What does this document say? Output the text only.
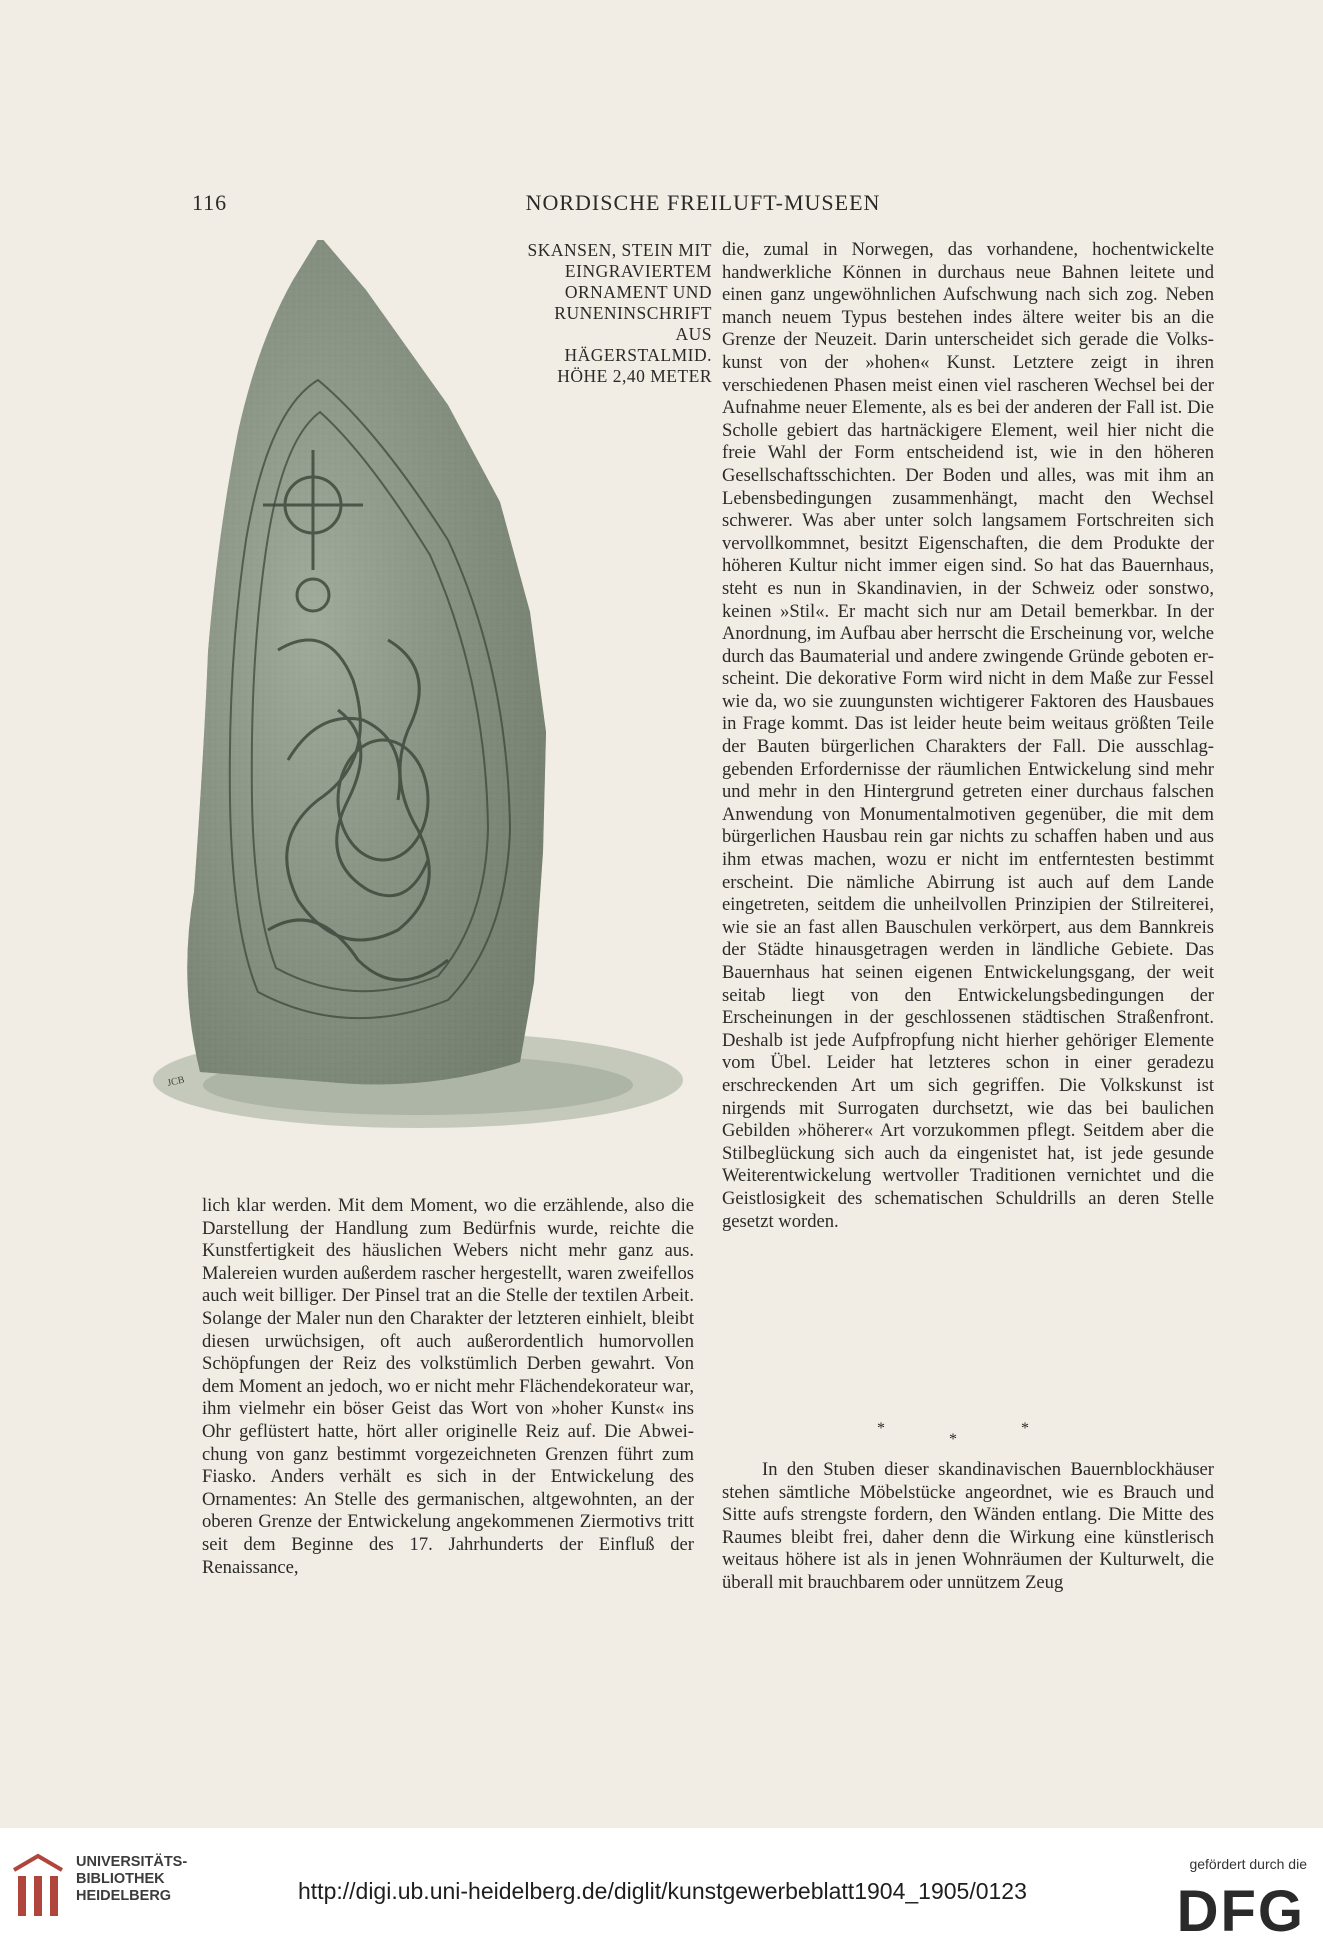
116	NORDISCHE FREILUFT-MUSEEN
JCB
SKANSEN, STEIN MIT
EINGRAVIERTEM
ORNAMENT UND
RUNENINSCHRIFT
AUS
HÄGERSTALMID.
HÖHE 2,40 METER

die, zumal in Norwegen, das vorhandene, hochentwickelte handwerkliche Können in durchaus neue Bahnen leitete und einen ganz ungewöhnlichen Aufschwung nach sich zog. Neben manch neuem Typus bestehen indes ältere weiter bis an die Grenze der Neuzeit. Darin unterscheidet sich gerade die Volkskunst von der »hohen« Kunst. Letztere zeigt in ihren verschiedenen Phasen meist einen viel rascheren Wechsel bei der Aufnahme neuer Elemente, als es bei der anderen der Fall ist. Die Scholle gebiert das hartnäckigere Element, weil hier nicht die freie Wahl der Form entscheidend ist, wie in den höheren Gesellschaftsschichten. Der Boden und alles, was mit ihm an Lebensbedingungen zusammenhängt, macht den Wechsel schwerer. Was aber unter solch langsamem Fortschreiten sich vervollkommnet, besitzt Eigenschaften, die dem Produkte der höheren Kultur nicht immer eigen sind. So hat das Bauernhaus, steht es nun in Skandinavien, in der Schweiz oder sonstwo, keinen »Stil«. Er macht sich nur am Detail bemerkbar. In der Anordnung, im Aufbau aber herrscht die Erscheinung vor, welche durch das Baumaterial und andere zwingende Gründe geboten erscheint. Die dekorative Form wird nicht in dem Maße zur Fessel wie da, wo sie zuungunsten wichtigerer Faktoren des Hausbaues in Frage kommt. Das ist leider heute beim weitaus größten Teile der Bauten bürgerlichen Charakters der Fall. Die ausschlaggebenden Erfordernisse der räumlichen Entwickelung sind mehr und mehr in den Hintergrund getreten einer durchaus falschen Anwendung von Monumentalmotiven gegenüber, die mit dem bürgerlichen Hausbau rein gar nichts zu schaffen haben und aus ihm etwas machen, wozu er nicht im entferntesten bestimmt erscheint. Die nämliche Abirrung ist auch auf dem Lande eingetreten, seitdem die unheilvollen Prinzipien der Stilreiterei, wie sie an fast allen Bauschulen verkörpert, aus dem Bannkreis der Städte hinausgetragen werden in ländliche Gebiete. Das Bauernhaus hat seinen eigenen Entwickelungsgang, der weit seitab liegt von den Entwickelungsbedingungen der Erscheinungen in der geschlossenen städtischen Straßenfront. Deshalb ist jede Aufpfropfung nicht hierher gehöriger Elemente vom Übel. Leider hat letzteres schon in einer geradezu erschreckenden Art um sich gegriffen. Die Volkskunst ist nirgends mit Surrogaten durchsetzt, wie das bei baulichen Gebilden »höherer« Art vorzukommen pflegt. Seitdem aber die Stilbeglückung sich auch da eingenistet hat, ist jede gesunde Weiterentwickelung wertvoller Traditionen vernichtet und die Geistlosigkeit des schematischen Schuldrills an deren Stelle gesetzt worden.

* * *

In den Stuben dieser skandinavischen Bauernblockhäuser stehen sämtliche Möbelstücke angeordnet, wie es Brauch und Sitte aufs strengste fordern, den Wänden entlang. Die Mitte des Raumes bleibt frei, daher denn die Wirkung eine künstlerisch weitaus höhere ist als in jenen Wohnräumen der Kulturwelt, die überall mit brauchbarem oder unnützem Zeug

lich klar werden. Mit dem Moment, wo die erzählende, also die Darstellung der Handlung zum Bedürfnis wurde, reichte die Kunstfertigkeit des häuslichen Webers nicht mehr ganz aus. Malereien wurden außerdem rascher hergestellt, waren zweifellos auch weit billiger. Der Pinsel trat an die Stelle der textilen Arbeit. Solange der Maler nun den Charakter der letzteren einhielt, bleibt diesen urwüchsigen, oft auch außerordentlich humorvollen Schöpfungen der Reiz des volkstümlich Derben gewahrt. Von dem Moment an jedoch, wo er nicht mehr Flächendekorateur war, ihm vielmehr ein böser Geist das Wort von »hoher Kunst« ins Ohr geflüstert hatte, hört aller originelle Reiz auf. Die Abweichung von ganz bestimmt vorgezeichneten Grenzen führt zum Fiasko. Anders verhält es sich in der Entwickelung des Ornamentes: An Stelle des germanischen, altgewohnten, an der oberen Grenze der Entwickelung angekommenen Ziermotivs tritt seit dem Beginne des 17. Jahrhunderts der Einfluß der Renaissance,

UNIVERSITÄTS-
BIBLIOTHEK
HEIDELBERG	http://digi.ub.uni-heidelberg.de/diglit/kunstgewerbeblatt1904_1905/0123
gefördert durch die
DFG
